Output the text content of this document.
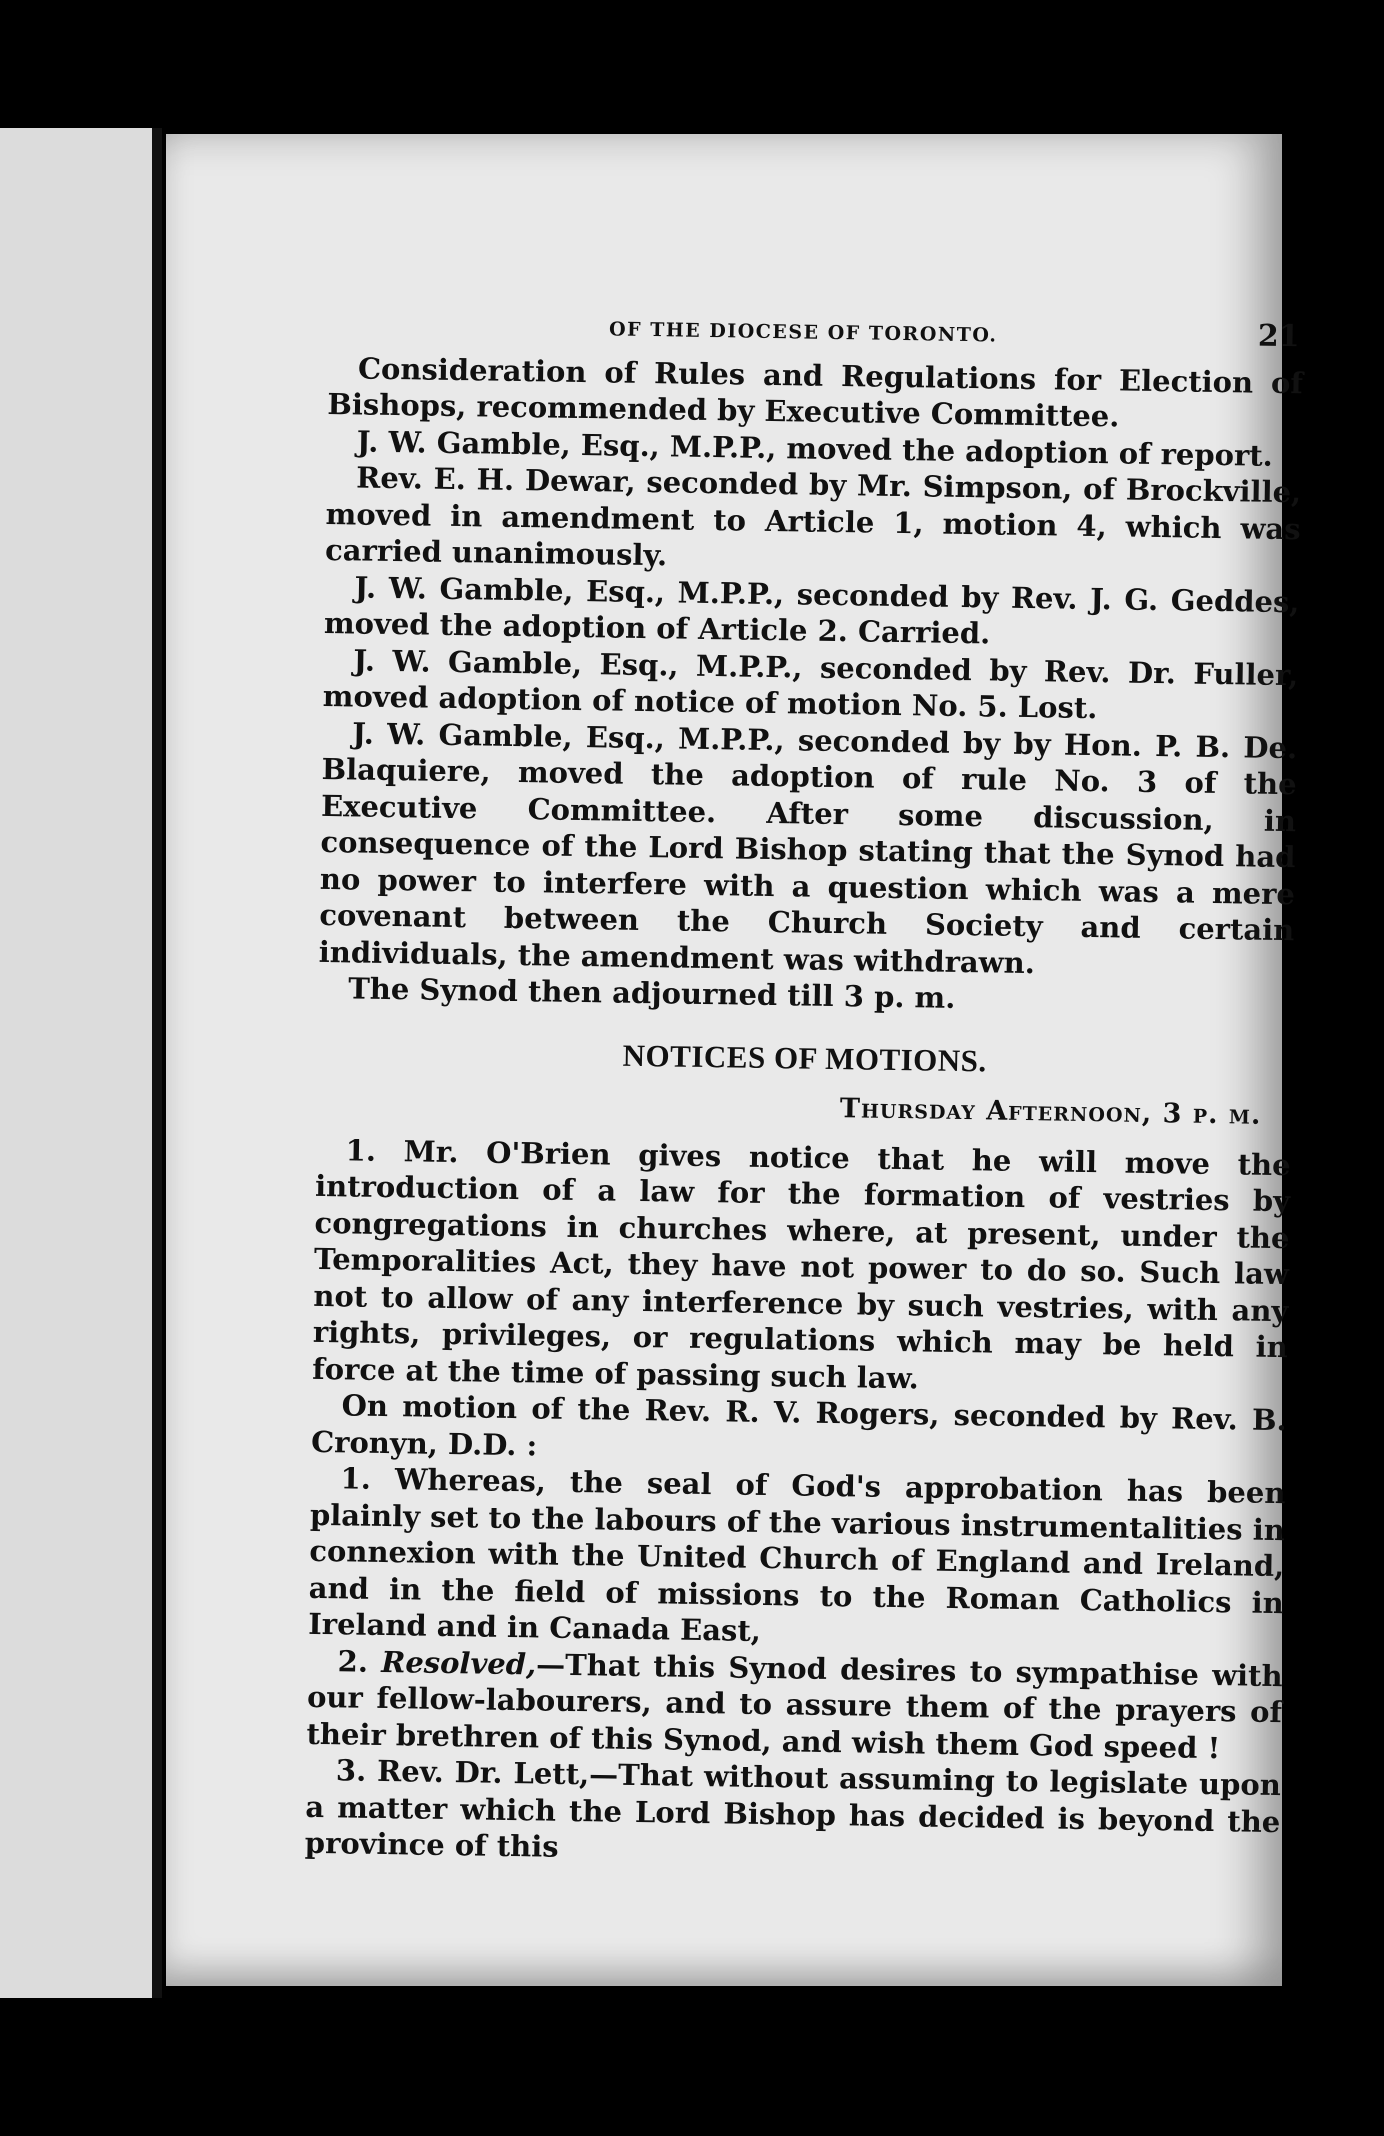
OF THE DIOCESE OF TORONTO.	21

Consideration of Rules and Regulations for Election of Bishops, recommended by Executive Committee.

J. W. Gamble, Esq., M.P.P., moved the adoption of report.

Rev. E. H. Dewar, seconded by Mr. Simpson, of Brockville, moved in amendment to Article 1, motion 4, which was carried unanimously.

J. W. Gamble, Esq., M.P.P., seconded by Rev. J. G. Geddes, moved the adoption of Article 2. Carried.

J. W. Gamble, Esq., M.P.P., seconded by Rev. Dr. Fuller, moved adoption of notice of motion No. 5. Lost.

J. W. Gamble, Esq., M.P.P., seconded by by Hon. P. B. De. Blaquiere, moved the adoption of rule No. 3 of the Executive Committee. After some discussion, in consequence of the Lord Bishop stating that the Synod had no power to interfere with a question which was a mere covenant between the Church Society and certain individuals, the amendment was withdrawn.

The Synod then adjourned till 3 p. m.

NOTICES OF MOTIONS.
Thursday Afternoon, 3 p. m.

1. Mr. O'Brien gives notice that he will move the introduction of a law for the formation of vestries by congregations in churches where, at present, under the Temporalities Act, they have not power to do so. Such law not to allow of any interference by such vestries, with any rights, privileges, or regulations which may be held in force at the time of passing such law.

On motion of the Rev. R. V. Rogers, seconded by Rev. B. Cronyn, D.D. :

1. Whereas, the seal of God's approbation has been plainly set to the labours of the various instrumentalities in connexion with the United Church of England and Ireland, and in the field of missions to the Roman Catholics in Ireland and in Canada East,

2. Resolved,—That this Synod desires to sympathise with our fellow-labourers, and to assure them of the prayers of their brethren of this Synod, and wish them God speed !

3. Rev. Dr. Lett,—That without assuming to legislate upon a matter which the Lord Bishop has decided is beyond the province of this
